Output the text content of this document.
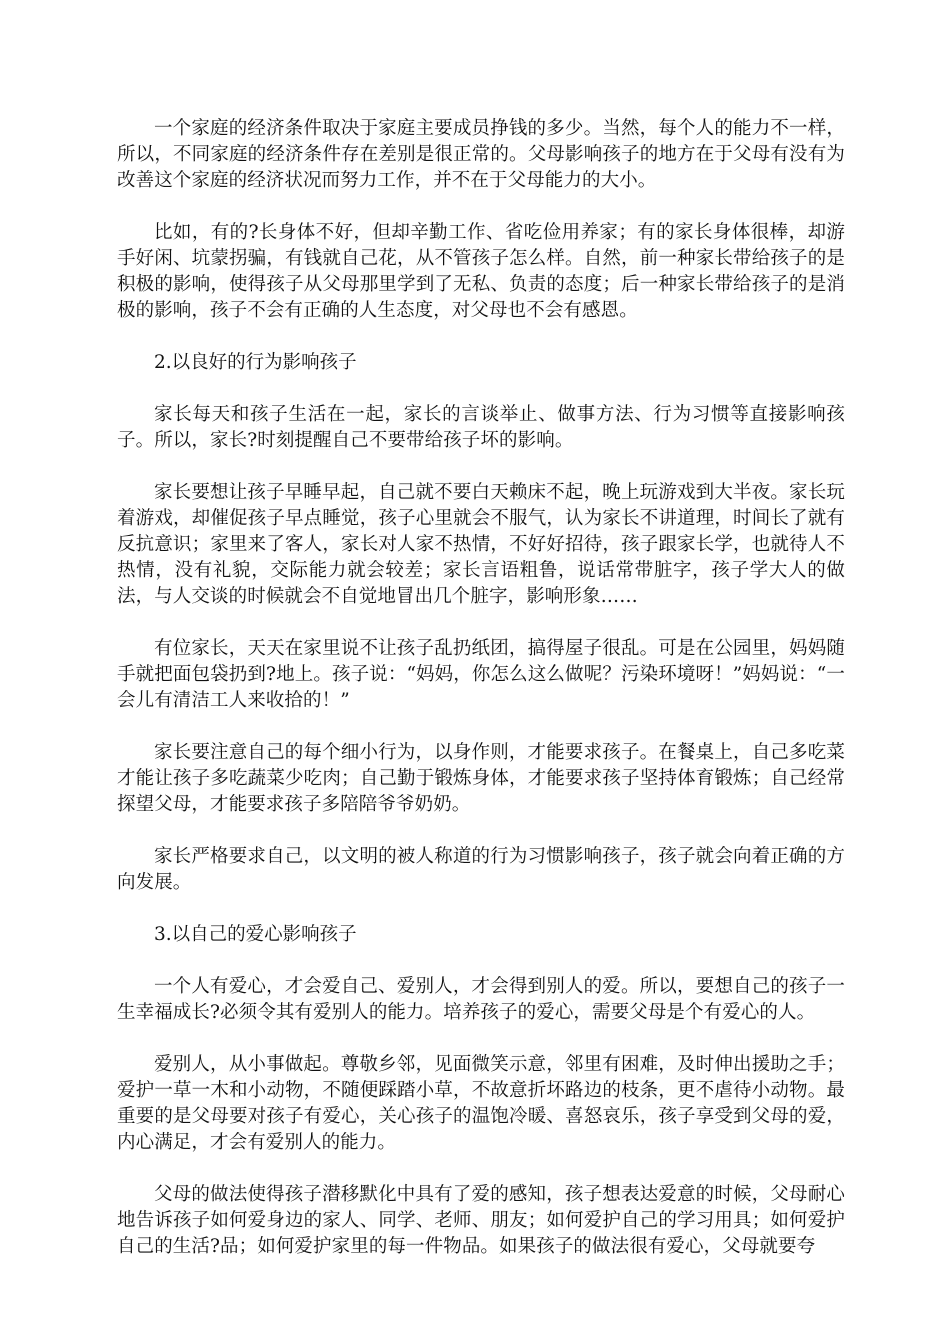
一个家庭的经济条件取决于家庭主要成员挣钱的多少。当然，每个人的能力不一样，所以，不同家庭的经济条件存在差别是很正常的。父母影响孩子的地方在于父母有没有为改善这个家庭的经济状况而努力工作，并不在于父母能力的大小。

比如，有的?长身体不好，但却辛勤工作、省吃俭用养家；有的家长身体很棒，却游手好闲、坑蒙拐骗，有钱就自己花，从不管孩子怎么样。自然，前一种家长带给孩子的是积极的影响，使得孩子从父母那里学到了无私、负责的态度；后一种家长带给孩子的是消极的影响，孩子不会有正确的人生态度，对父母也不会有感恩。

2.以良好的行为影响孩子

家长每天和孩子生活在一起，家长的言谈举止、做事方法、行为习惯等直接影响孩子。所以，家长?时刻提醒自己不要带给孩子坏的影响。

家长要想让孩子早睡早起，自己就不要白天赖床不起，晚上玩游戏到大半夜。家长玩着游戏，却催促孩子早点睡觉，孩子心里就会不服气，认为家长不讲道理，时间长了就有反抗意识；家里来了客人，家长对人家不热情，不好好招待，孩子跟家长学，也就待人不热情，没有礼貌，交际能力就会较差；家长言语粗鲁，说话常带脏字，孩子学大人的做法，与人交谈的时候就会不自觉地冒出几个脏字，影响形象……

有位家长，天天在家里说不让孩子乱扔纸团，搞得屋子很乱。可是在公园里，妈妈随手就把面包袋扔到?地上。孩子说：“妈妈，你怎么这么做呢？污染环境呀！”妈妈说：“一会儿有清洁工人来收拾的！”

家长要注意自己的每个细小行为，以身作则，才能要求孩子。在餐桌上，自己多吃菜才能让孩子多吃蔬菜少吃肉；自己勤于锻炼身体，才能要求孩子坚持体育锻炼；自己经常探望父母，才能要求孩子多陪陪爷爷奶奶。

家长严格要求自己，以文明的被人称道的行为习惯影响孩子，孩子就会向着正确的方向发展。

3.以自己的爱心影响孩子

一个人有爱心，才会爱自己、爱别人，才会得到别人的爱。所以，要想自己的孩子一生幸福成长?必须令其有爱别人的能力。培养孩子的爱心，需要父母是个有爱心的人。

爱别人，从小事做起。尊敬乡邻，见面微笑示意，邻里有困难，及时伸出援助之手；爱护一草一木和小动物，不随便踩踏小草，不故意折坏路边的枝条，更不虐待小动物。最重要的是父母要对孩子有爱心，关心孩子的温饱冷暖、喜怒哀乐，孩子享受到父母的爱，内心满足，才会有爱别人的能力。

父母的做法使得孩子潜移默化中具有了爱的感知，孩子想表达爱意的时候，父母耐心地告诉孩子如何爱身边的家人、同学、老师、朋友；如何爱护自己的学习用具；如何爱护自己的生活?品；如何爱护家里的每一件物品。如果孩子的做法很有爱心，父母就要夸
